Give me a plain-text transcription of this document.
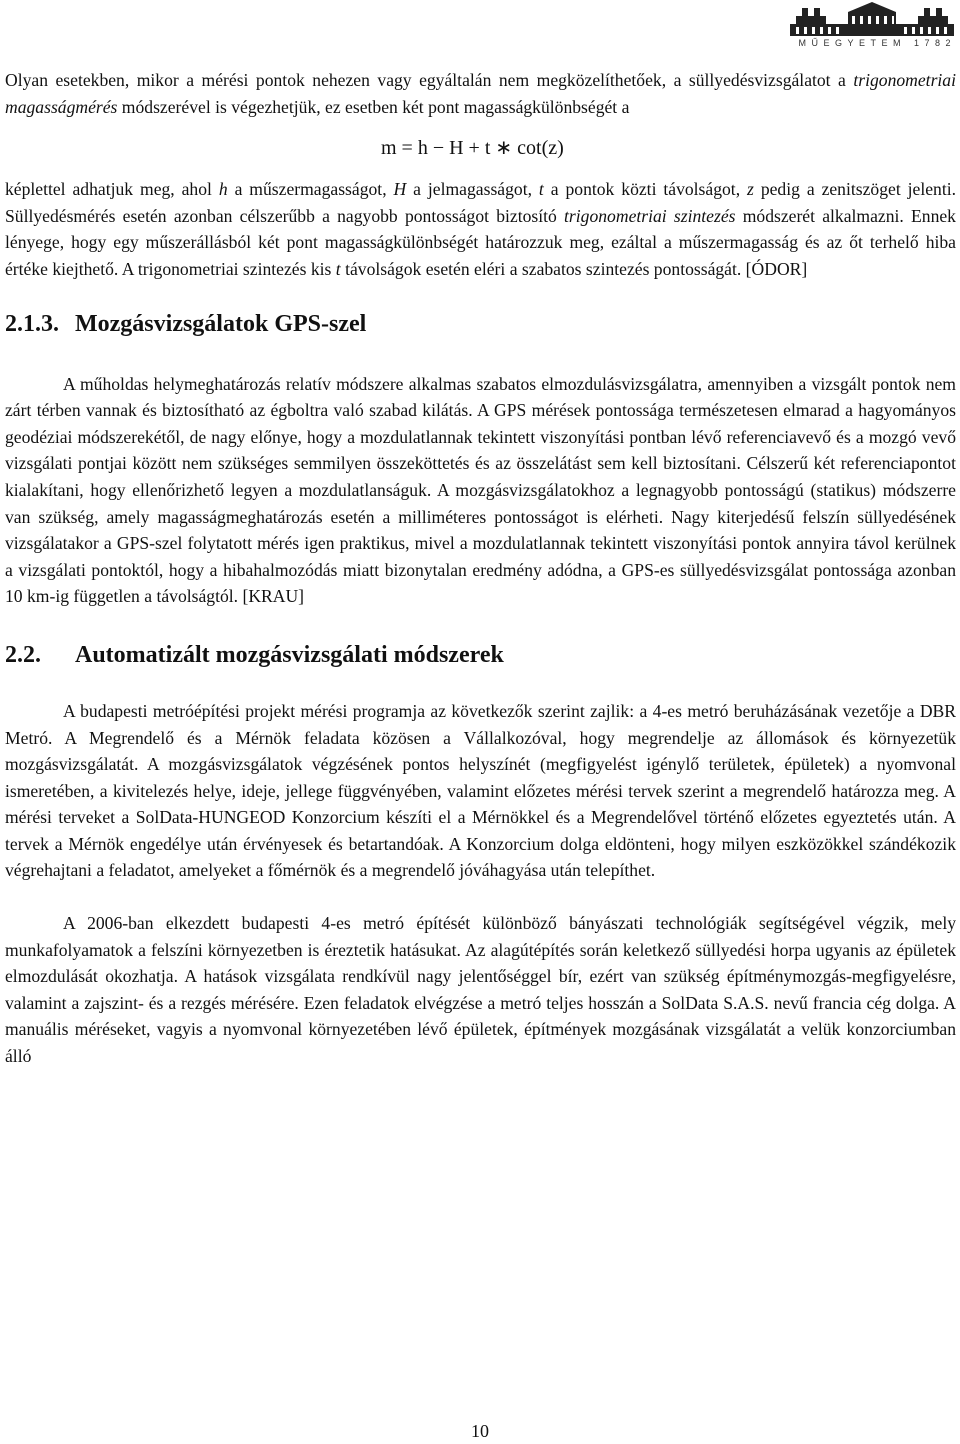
MŰEGYETEM 1782

Olyan esetekben, mikor a mérési pontok nehezen vagy egyáltalán nem megközelíthetőek, a süllyedésvizsgálatot a trigonometriai magasságmérés módszerével is végezhetjük, ez esetben két pont magasságkülönbségét a

m = h − H + t ∗ cot(z)

képlettel adhatjuk meg, ahol h a műszermagasságot, H a jelmagasságot, t a pontok közti távolságot, z pedig a zenitszöget jelenti. Süllyedésmérés esetén azonban célszerűbb a nagyobb pontosságot biztosító trigonometriai szintezés módszerét alkalmazni. Ennek lényege, hogy egy műszerállásból két pont magasságkülönbségét határozzuk meg, ezáltal a műszermagasság és az őt terhelő hiba értéke kiejthető. A trigonometriai szintezés kis t távolságok esetén eléri a szabatos szintezés pontosságát. [ÓDOR]

2.1.3. Mozgásvizsgálatok GPS-szel

A műholdas helymeghatározás relatív módszere alkalmas szabatos elmozdulásvizsgálatra, amennyiben a vizsgált pontok nem zárt térben vannak és biztosítható az égboltra való szabad kilátás. A GPS mérések pontossága természetesen elmarad a hagyományos geodéziai módszerekétől, de nagy előnye, hogy a mozdulatlannak tekintett viszonyítási pontban lévő referenciavevő és a mozgó vevő vizsgálati pontjai között nem szükséges semmilyen összeköttetés és az összelátást sem kell biztosítani. Célszerű két referenciapontot kialakítani, hogy ellenőrizhető legyen a mozdulatlanságuk. A mozgásvizsgálatokhoz a legnagyobb pontosságú (statikus) módszerre van szükség, amely magasságmeghatározás esetén a milliméteres pontosságot is elérheti. Nagy kiterjedésű felszín süllyedésének vizsgálatakor a GPS-szel folytatott mérés igen praktikus, mivel a mozdulatlannak tekintett viszonyítási pontok annyira távol kerülnek a vizsgálati pontoktól, hogy a hibahalmozódás miatt bizonytalan eredmény adódna, a GPS-es süllyedésvizsgálat pontossága azonban 10 km-ig független a távolságtól. [KRAU]

2.2. Automatizált mozgásvizsgálati módszerek

A budapesti metróépítési projekt mérési programja az következők szerint zajlik: a 4-es metró beruházásának vezetője a DBR Metró. A Megrendelő és a Mérnök feladata közösen a Vállalkozóval, hogy megrendelje az állomások és környezetük mozgásvizsgálatát. A mozgásvizsgálatok végzésének pontos helyszínét (megfigyelést igénylő területek, épületek) a nyomvonal ismeretében, a kivitelezés helye, ideje, jellege függvényében, valamint előzetes mérési tervek szerint a megrendelő határozza meg. A mérési terveket a SolData-HUNGEOD Konzorcium készíti el a Mérnökkel és a Megrendelővel történő előzetes egyeztetés után. A tervek a Mérnök engedélye után érvényesek és betartandóak. A Konzorcium dolga eldönteni, hogy milyen eszközökkel szándékozik végrehajtani a feladatot, amelyeket a főmérnök és a megrendelő jóváhagyása után telepíthet.

A 2006-ban elkezdett budapesti 4-es metró építését különböző bányászati technológiák segítségével végzik, mely munkafolyamatok a felszíni környezetben is éreztetik hatásukat. Az alagútépítés során keletkező süllyedési horpa ugyanis az épületek elmozdulását okozhatja. A hatások vizsgálata rendkívül nagy jelentőséggel bír, ezért van szükség építménymozgás-megfigyelésre, valamint a zajszint- és a rezgés mérésére. Ezen feladatok elvégzése a metró teljes hosszán a SolData S.A.S. nevű francia cég dolga. A manuális méréseket, vagyis a nyomvonal környezetében lévő épületek, építmények mozgásának vizsgálatát a velük konzorciumban álló

10
